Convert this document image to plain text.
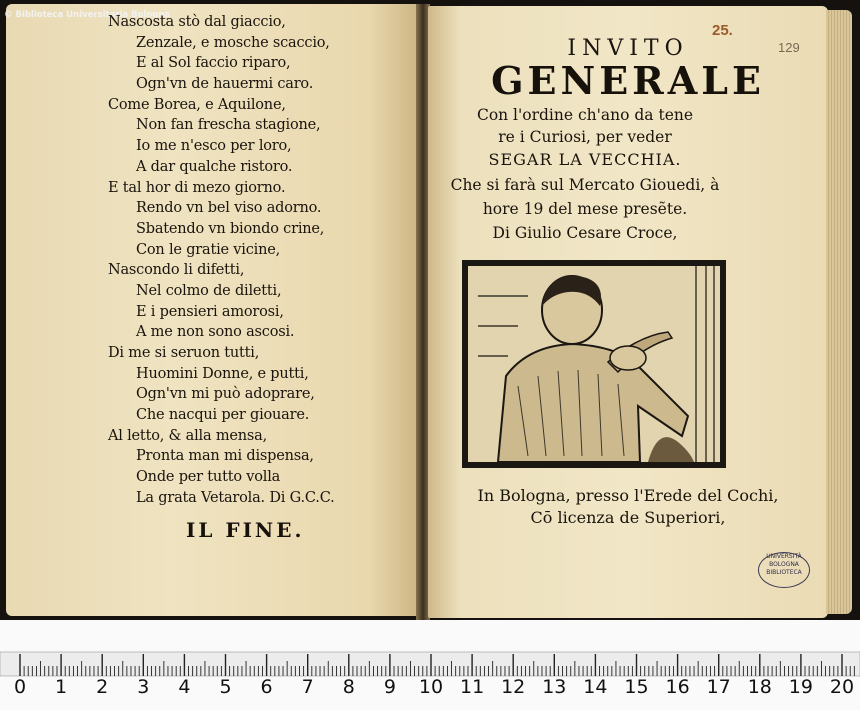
© Biblioteca Universitaria Bologna
Nascosta stò dal giaccio,
Zenzale, e mosche scaccio,
E al Sol faccio riparo,
Ogn'vn de hauermi caro.
Come Borea, e Aquilone,
Non fan frescha stagione,
Io me n'esco per loro,
A dar qualche ristoro.
E tal hor di mezo giorno.
Rendo vn bel viso adorno.
Sbatendo vn biondo crine,
Con le gratie vicine,
Nascondo li difetti,
Nel colmo de diletti,
E i pensieri amorosi,
A me non sono ascosi.
Di me si seruon tutti,
Huomini Donne, e putti,
Ogn'vn mi può adoprare,
Che nacqui per giouare.
Al letto, & alla mensa,
Pronta man mi dispensa,
Onde per tutto volla
La grata Vetarola. Di G.C.C.
IL FINE.
25.
129
INVITO
GENERALE
Con l'ordine ch'ano da tene
re i Curiosi, per veder
SEGAR LA VECCHIA.
Che si farà sul Mercato Giouedi, à
hore 19 del mese presẽte.
Di Giulio Cesare Croce,
In Bologna, presso l'Erede del Cochi,
Cō licenza de Superiori,
UNIVERSITÀ BOLOGNA BIBLIOTECA
0 1 2 3 4 5 6 7 8 9 10 11 12 13 14 15 16 17 18 19 20
